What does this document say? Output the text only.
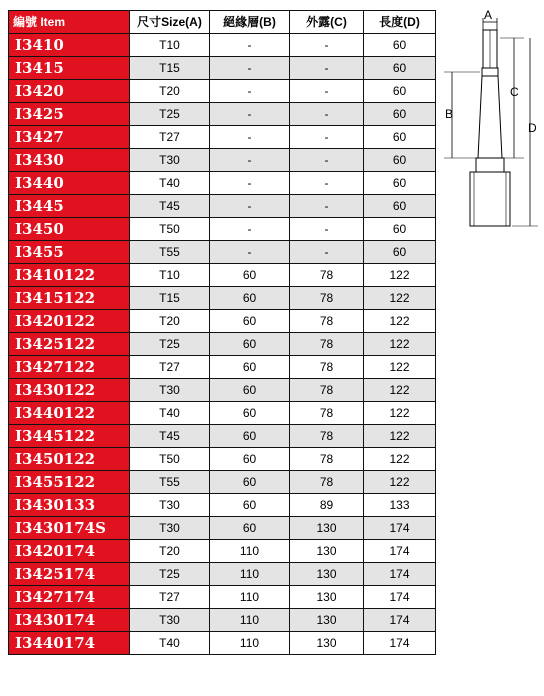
編號 Item	尺寸Size(A)	絕緣層(B)	外露(C)	長度(D)
I3410	T10	-	-	60
I3415	T15	-	-	60
I3420	T20	-	-	60
I3425	T25	-	-	60
I3427	T27	-	-	60
I3430	T30	-	-	60
I3440	T40	-	-	60
I3445	T45	-	-	60
I3450	T50	-	-	60
I3455	T55	-	-	60
I3410122	T10	60	78	122
I3415122	T15	60	78	122
I3420122	T20	60	78	122
I3425122	T25	60	78	122
I3427122	T27	60	78	122
I3430122	T30	60	78	122
I3440122	T40	60	78	122
I3445122	T45	60	78	122
I3450122	T50	60	78	122
I3455122	T55	60	78	122
I3430133	T30	60	89	133
I3430174S	T30	60	130	174
I3420174	T20	110	130	174
I3425174	T25	110	130	174
I3427174	T27	110	130	174
I3430174	T30	110	130	174
I3440174	T40	110	130	174
A
B
C
D
